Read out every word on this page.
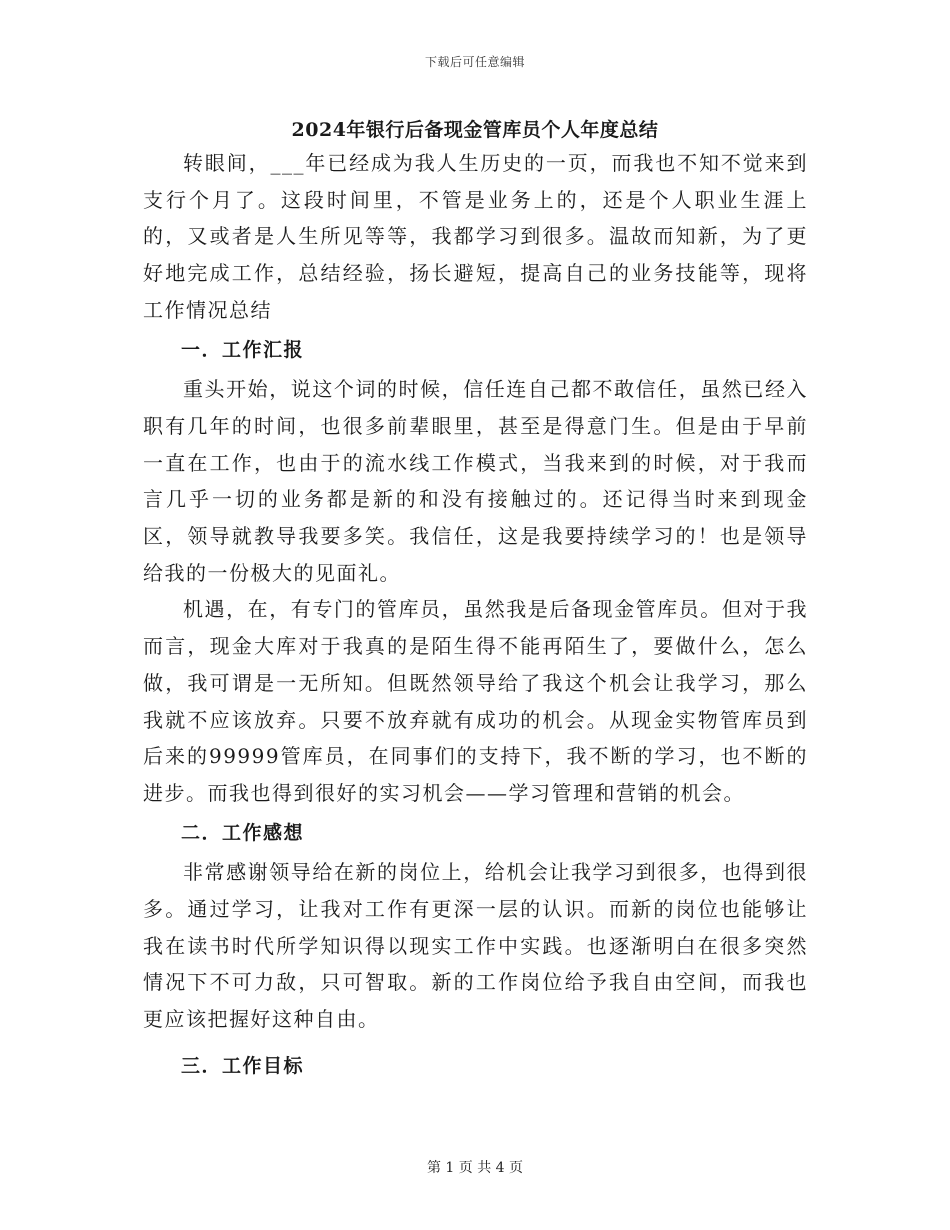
下载后可任意编辑
2024年银行后备现金管库员个人年度总结

转眼间，___年已经成为我人生历史的一页，而我也不知不觉来到支行个月了。这段时间里，不管是业务上的，还是个人职业生涯上的，又或者是人生所见等等，我都学习到很多。温故而知新，为了更好地完成工作，总结经验，扬长避短，提高自己的业务技能等，现将工作情况总结

一．工作汇报

重头开始，说这个词的时候，信任连自己都不敢信任，虽然已经入职有几年的时间，也很多前辈眼里，甚至是得意门生。但是由于早前一直在工作，也由于的流水线工作模式，当我来到的时候，对于我而言几乎一切的业务都是新的和没有接触过的。还记得当时来到现金区，领导就教导我要多笑。我信任，这是我要持续学习的！也是领导给我的一份极大的见面礼。

机遇，在，有专门的管库员，虽然我是后备现金管库员。但对于我而言，现金大库对于我真的是陌生得不能再陌生了，要做什么，怎么做，我可谓是一无所知。但既然领导给了我这个机会让我学习，那么我就不应该放弃。只要不放弃就有成功的机会。从现金实物管库员到后来的99999管库员，在同事们的支持下，我不断的学习，也不断的进步。而我也得到很好的实习机会——学习管理和营销的机会。

二．工作感想

非常感谢领导给在新的岗位上，给机会让我学习到很多，也得到很多。通过学习，让我对工作有更深一层的认识。而新的岗位也能够让我在读书时代所学知识得以现实工作中实践。也逐渐明白在很多突然情况下不可力敌，只可智取。新的工作岗位给予我自由空间，而我也更应该把握好这种自由。

三．工作目标

第 1 页 共 4 页
